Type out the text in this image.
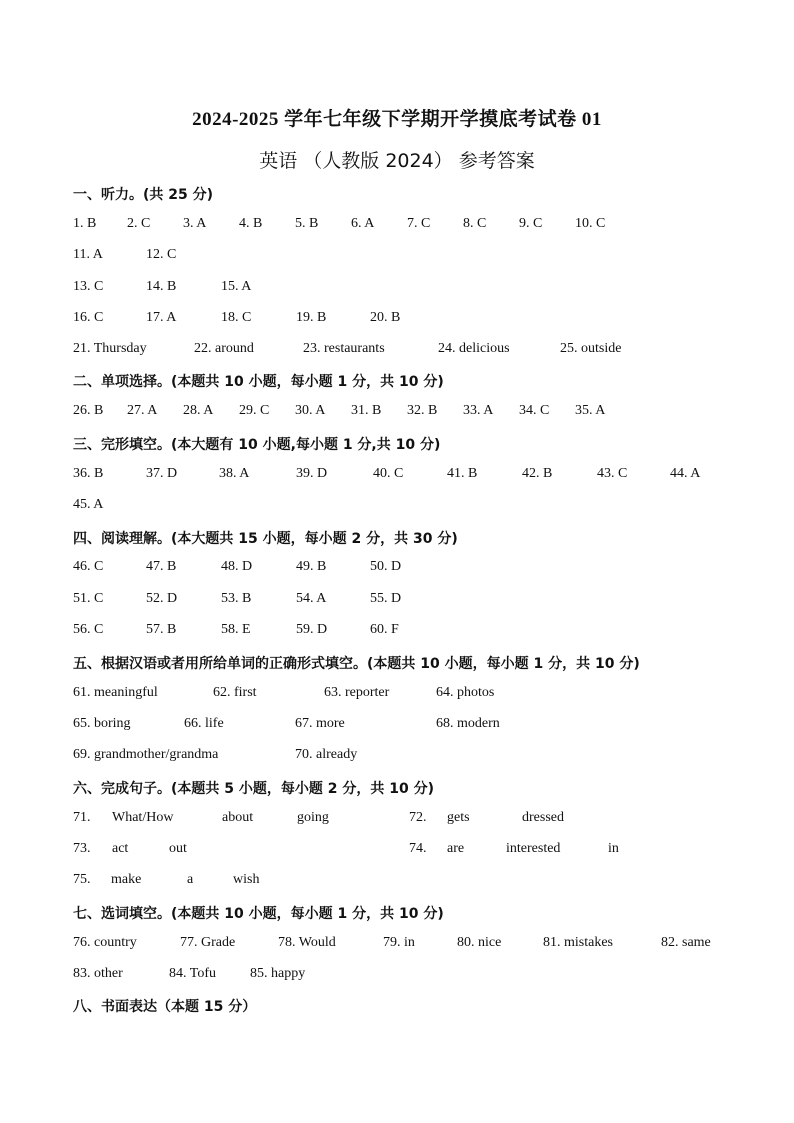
2024-2025 学年七年级下学期开学摸底考试卷 01
英语 （人教版 2024） 参考答案
一、听力。(共 25 分)
1. B 2. C 3. A 4. B 5. B 6. A 7. C 8. C 9. C 10. C
11. A	12. C
13. C	14. B	15. A
16. C	17. A	18. C	19. B	20. B
21. Thursday	22. around	23. restaurants	24. delicious	25. outside
二、单项选择。(本题共 10 小题，每小题 1 分，共 10 分)
26. B 27. A 28. A 29. C 30. A 31. B 32. B 33. A 34. C 35. A
三、完形填空。(本大题有 10 小题,每小题 1 分,共 10 分)
36. B	37. D	38. A	39. D	40. C	41. B	42. B	43. C	44. A
45. A
四、阅读理解。(本大题共 15 小题，每小题 2 分，共 30 分)
46. C	47. B	48. D	49. B	50. D
51. C	52. D	53. B	54. A	55. D
56. C	57. B	58. E	59. D	60. F
五、根据汉语或者用所给单词的正确形式填空。(本题共 10 小题，每小题 1 分，共 10 分)
61. meaningful	62. first	63. reporter	64. photos
65. boring	66. life	67. more	68. modern
69. grandmother/grandma	70. already
六、完成句子。(本题共 5 小题，每小题 2 分，共 10 分)
71. What/How	about	going	72. gets	dressed
73. act	out	74. are	interested	in
75. make	a	wish
七、选词填空。(本题共 10 小题，每小题 1 分，共 10 分)
76. country	77. Grade	78. Would	79. in	80. nice	81. mistakes	82. same
83. other	84. Tofu 85. happy
八、书面表达（本题 15 分）
